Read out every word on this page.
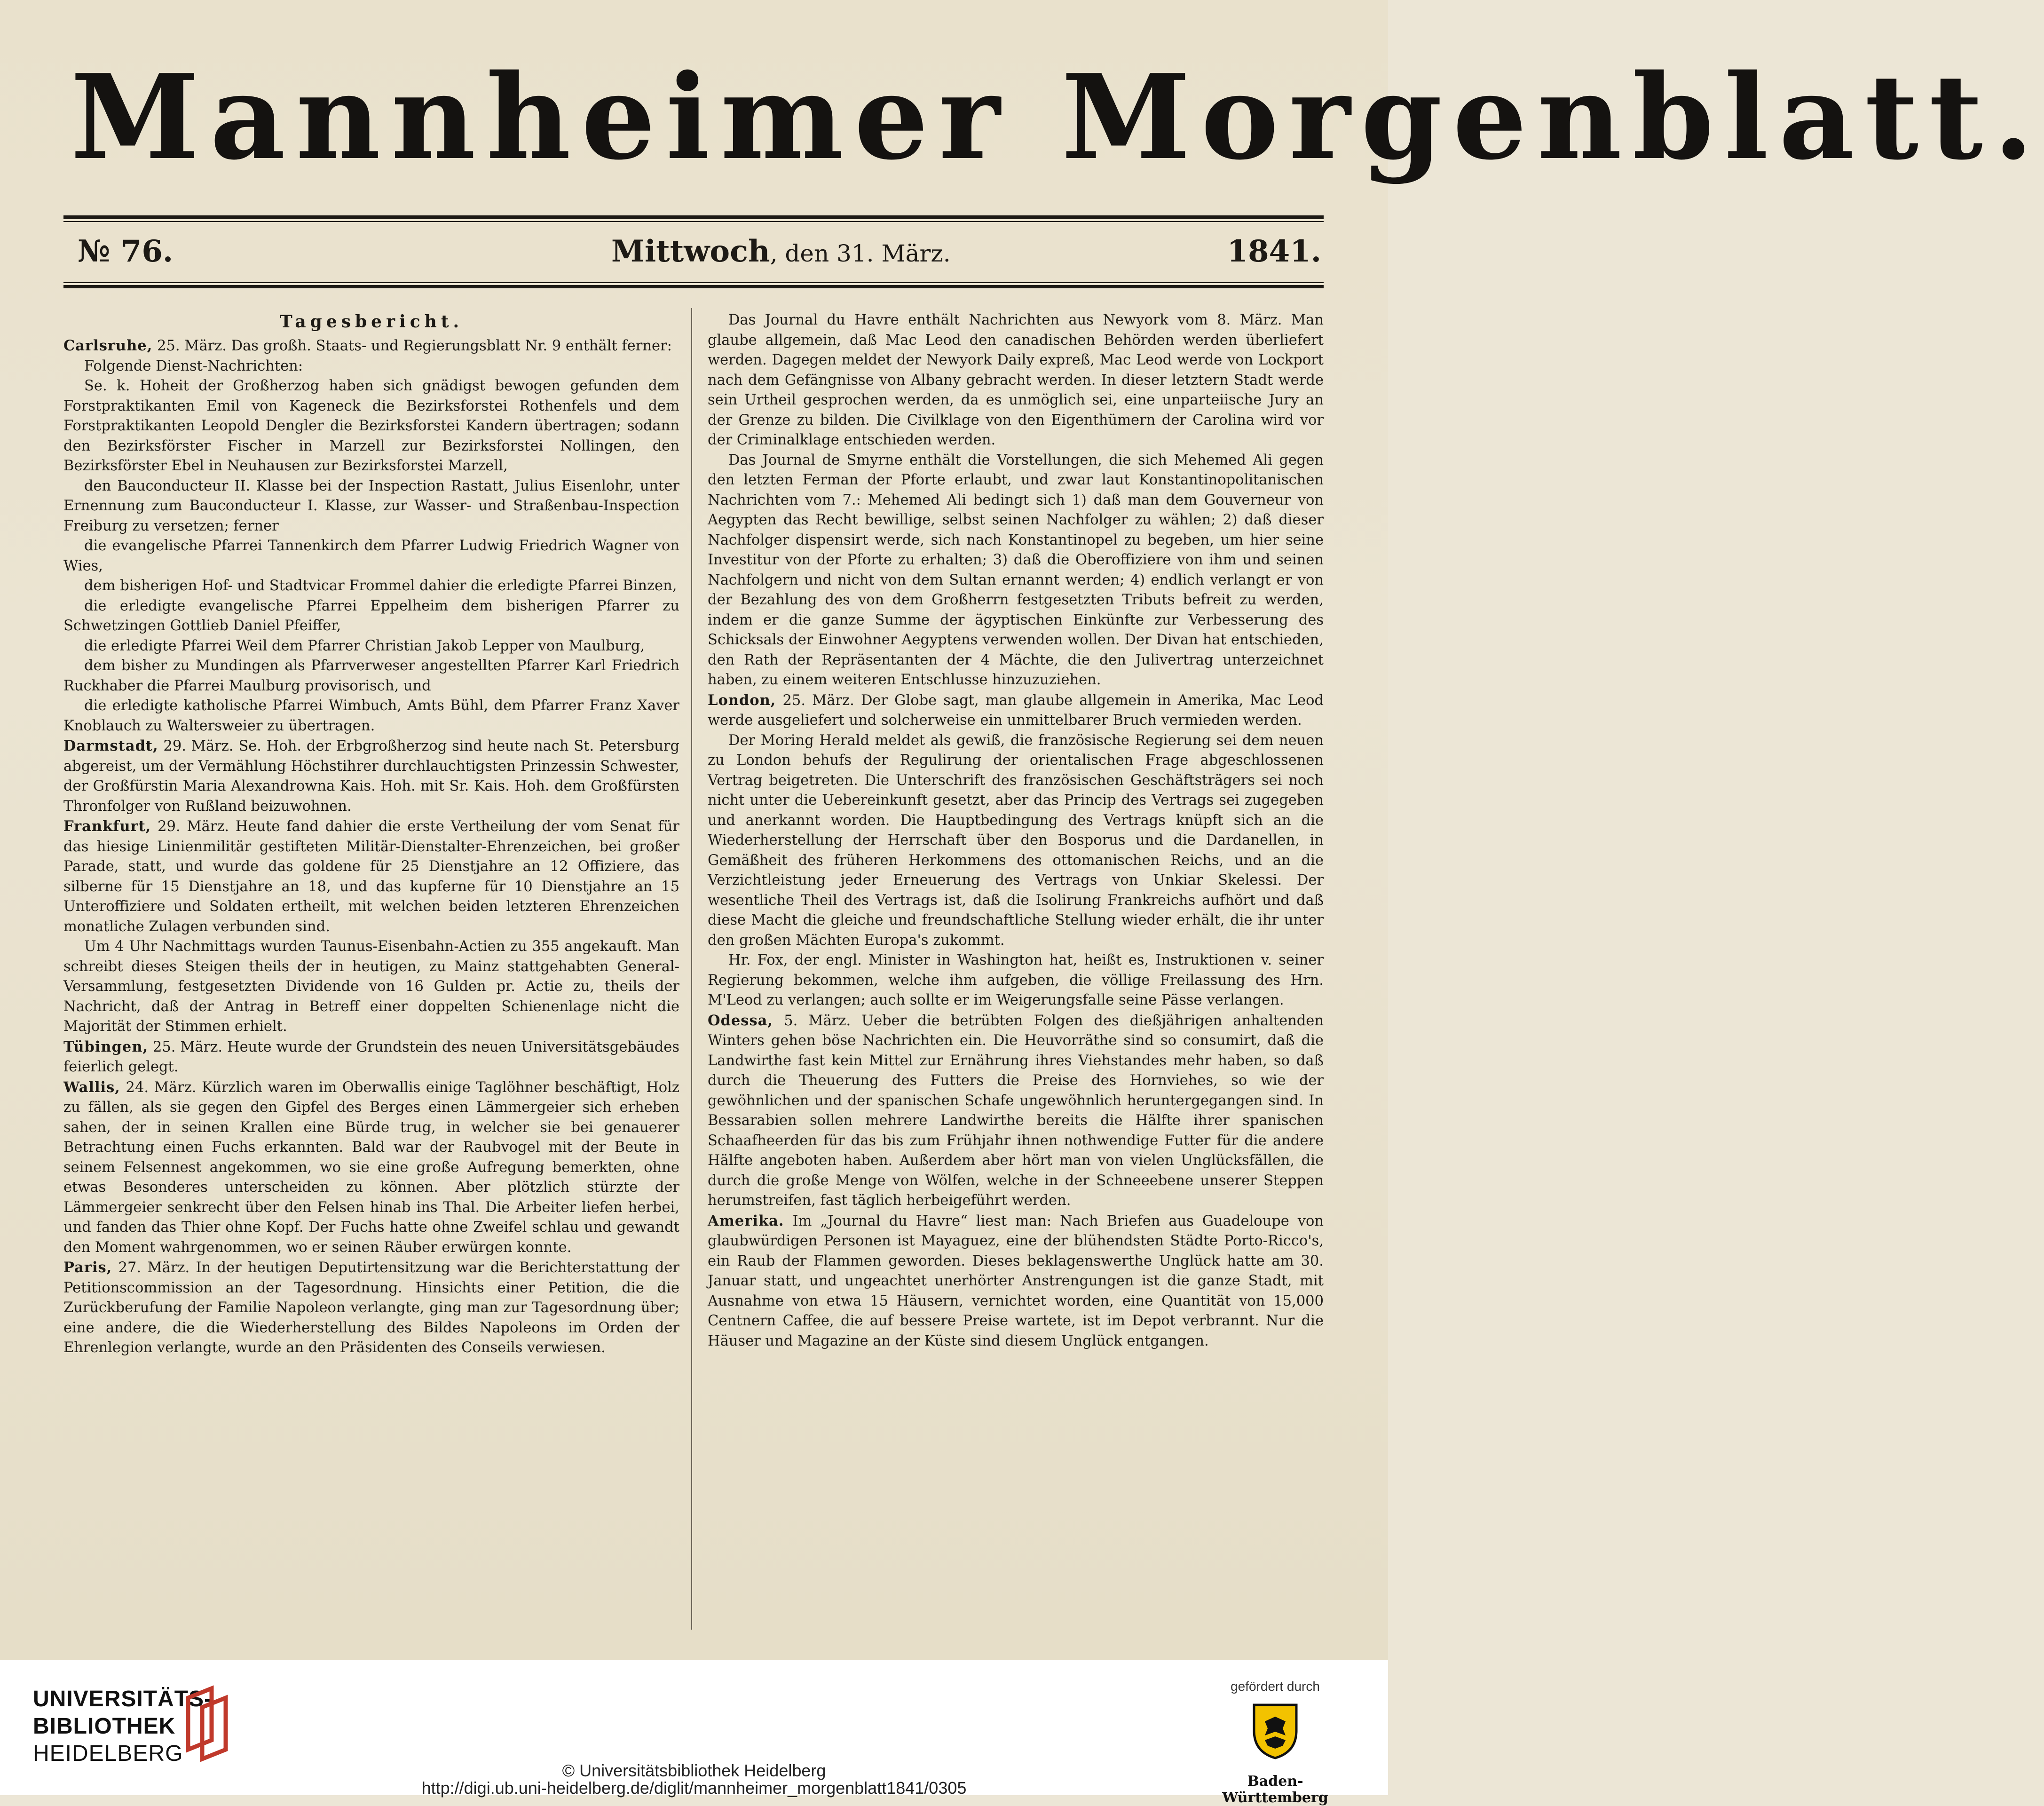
Mannheimer Morgenblatt.
№ 76.	Mittwoch, den 31. März.	1841.
Tagesbericht.

Carlsruhe, 25. März. Das großh. Staats- und Regierungsblatt Nr. 9 enthält ferner:

Folgende Dienst-Nachrichten:

Se. k. Hoheit der Großherzog haben sich gnädigst bewogen gefunden dem Forstpraktikanten Emil von Kageneck die Bezirksforstei Rothenfels und dem Forstpraktikanten Leopold Dengler die Bezirksforstei Kandern übertragen; sodann den Bezirksförster Fischer in Marzell zur Bezirksforstei Nollingen, den Bezirksförster Ebel in Neuhausen zur Bezirksforstei Marzell,

den Bauconducteur II. Klasse bei der Inspection Rastatt, Julius Eisenlohr, unter Ernennung zum Bauconducteur I. Klasse, zur Wasser- und Straßenbau-Inspection Freiburg zu versetzen; ferner

die evangelische Pfarrei Tannenkirch dem Pfarrer Ludwig Friedrich Wagner von Wies,

dem bisherigen Hof- und Stadtvicar Frommel dahier die erledigte Pfarrei Binzen,

die erledigte evangelische Pfarrei Eppelheim dem bisherigen Pfarrer zu Schwetzingen Gottlieb Daniel Pfeiffer,

die erledigte Pfarrei Weil dem Pfarrer Christian Jakob Lepper von Maulburg,

dem bisher zu Mundingen als Pfarrverweser angestellten Pfarrer Karl Friedrich Ruckhaber die Pfarrei Maulburg provisorisch, und

die erledigte katholische Pfarrei Wimbuch, Amts Bühl, dem Pfarrer Franz Xaver Knoblauch zu Waltersweier zu übertragen.

Darmstadt, 29. März. Se. Hoh. der Erbgroßherzog sind heute nach St. Petersburg abgereist, um der Vermählung Höchstihrer durchlauchtigsten Prinzessin Schwester, der Großfürstin Maria Alexandrowna Kais. Hoh. mit Sr. Kais. Hoh. dem Großfürsten Thronfolger von Rußland beizuwohnen.

Frankfurt, 29. März. Heute fand dahier die erste Vertheilung der vom Senat für das hiesige Linienmilitär gestifteten Militär-Dienstalter-Ehrenzeichen, bei großer Parade, statt, und wurde das goldene für 25 Dienstjahre an 12 Offiziere, das silberne für 15 Dienstjahre an 18, und das kupferne für 10 Dienstjahre an 15 Unteroffiziere und Soldaten ertheilt, mit welchen beiden letzteren Ehrenzeichen monatliche Zulagen verbunden sind.

Um 4 Uhr Nachmittags wurden Taunus-Eisenbahn-Actien zu 355 angekauft. Man schreibt dieses Steigen theils der in heutigen, zu Mainz stattgehabten General-Versammlung, festgesetzten Dividende von 16 Gulden pr. Actie zu, theils der Nachricht, daß der Antrag in Betreff einer doppelten Schienenlage nicht die Majorität der Stimmen erhielt.

Tübingen, 25. März. Heute wurde der Grundstein des neuen Universitätsgebäudes feierlich gelegt.

Wallis, 24. März. Kürzlich waren im Oberwallis einige Taglöhner beschäftigt, Holz zu fällen, als sie gegen den Gipfel des Berges einen Lämmergeier sich erheben sahen, der in seinen Krallen eine Bürde trug, in welcher sie bei genauerer Betrachtung einen Fuchs erkannten. Bald war der Raubvogel mit der Beute in seinem Felsennest angekommen, wo sie eine große Aufregung bemerkten, ohne etwas Besonderes unterscheiden zu können. Aber plötzlich stürzte der Lämmergeier senkrecht über den Felsen hinab ins Thal. Die Arbeiter liefen herbei, und fanden das Thier ohne Kopf. Der Fuchs hatte ohne Zweifel schlau und gewandt den Moment wahrgenommen, wo er seinen Räuber erwürgen konnte.

Paris, 27. März. In der heutigen Deputirtensitzung war die Berichterstattung der Petitionscommission an der Tagesordnung. Hinsichts einer Petition, die die Zurückberufung der Familie Napoleon verlangte, ging man zur Tagesordnung über; eine andere, die die Wiederherstellung des Bildes Napoleons im Orden der Ehrenlegion verlangte, wurde an den Präsidenten des Conseils verwiesen.

Das Journal du Havre enthält Nachrichten aus Newyork vom 8. März. Man glaube allgemein, daß Mac Leod den canadischen Behörden werden überliefert werden. Dagegen meldet der Newyork Daily expreß, Mac Leod werde von Lockport nach dem Gefängnisse von Albany gebracht werden. In dieser letztern Stadt werde sein Urtheil gesprochen werden, da es unmöglich sei, eine unparteiische Jury an der Grenze zu bilden. Die Civilklage von den Eigenthümern der Carolina wird vor der Criminalklage entschieden werden.

Das Journal de Smyrne enthält die Vorstellungen, die sich Mehemed Ali gegen den letzten Ferman der Pforte erlaubt, und zwar laut Konstantinopolitanischen Nachrichten vom 7.: Mehemed Ali bedingt sich 1) daß man dem Gouverneur von Aegypten das Recht bewillige, selbst seinen Nachfolger zu wählen; 2) daß dieser Nachfolger dispensirt werde, sich nach Konstantinopel zu begeben, um hier seine Investitur von der Pforte zu erhalten; 3) daß die Oberoffiziere von ihm und seinen Nachfolgern und nicht von dem Sultan ernannt werden; 4) endlich verlangt er von der Bezahlung des von dem Großherrn festgesetzten Tributs befreit zu werden, indem er die ganze Summe der ägyptischen Einkünfte zur Verbesserung des Schicksals der Einwohner Aegyptens verwenden wollen. Der Divan hat entschieden, den Rath der Repräsentanten der 4 Mächte, die den Julivertrag unterzeichnet haben, zu einem weiteren Entschlusse hinzuzuziehen.

London, 25. März. Der Globe sagt, man glaube allgemein in Amerika, Mac Leod werde ausgeliefert und solcherweise ein unmittelbarer Bruch vermieden werden.

Der Moring Herald meldet als gewiß, die französische Regierung sei dem neuen zu London behufs der Regulirung der orientalischen Frage abgeschlossenen Vertrag beigetreten. Die Unterschrift des französischen Geschäftsträgers sei noch nicht unter die Uebereinkunft gesetzt, aber das Princip des Vertrags sei zugegeben und anerkannt worden. Die Hauptbedingung des Vertrags knüpft sich an die Wiederherstellung der Herrschaft über den Bosporus und die Dardanellen, in Gemäßheit des früheren Herkommens des ottomanischen Reichs, und an die Verzichtleistung jeder Erneuerung des Vertrags von Unkiar Skelessi. Der wesentliche Theil des Vertrags ist, daß die Isolirung Frankreichs aufhört und daß diese Macht die gleiche und freundschaftliche Stellung wieder erhält, die ihr unter den großen Mächten Europa's zukommt.

Hr. Fox, der engl. Minister in Washington hat, heißt es, Instruktionen v. seiner Regierung bekommen, welche ihm aufgeben, die völlige Freilassung des Hrn. M'Leod zu verlangen; auch sollte er im Weigerungsfalle seine Pässe verlangen.

Odessa, 5. März. Ueber die betrübten Folgen des dießjährigen anhaltenden Winters gehen böse Nachrichten ein. Die Heuvorräthe sind so consumirt, daß die Landwirthe fast kein Mittel zur Ernährung ihres Viehstandes mehr haben, so daß durch die Theuerung des Futters die Preise des Hornviehes, so wie der gewöhnlichen und der spanischen Schafe ungewöhnlich heruntergegangen sind. In Bessarabien sollen mehrere Landwirthe bereits die Hälfte ihrer spanischen Schaafheerden für das bis zum Frühjahr ihnen nothwendige Futter für die andere Hälfte angeboten haben. Außerdem aber hört man von vielen Unglücksfällen, die durch die große Menge von Wölfen, welche in der Schneeebene unserer Steppen herumstreifen, fast täglich herbeigeführt werden.

Amerika. Im „Journal du Havre“ liest man: Nach Briefen aus Guadeloupe von glaubwürdigen Personen ist Mayaguez, eine der blühendsten Städte Porto-Ricco's, ein Raub der Flammen geworden. Dieses beklagenswerthe Unglück hatte am 30. Januar statt, und ungeachtet unerhörter Anstrengungen ist die ganze Stadt, mit Ausnahme von etwa 15 Häusern, vernichtet worden, eine Quantität von 15,000 Centnern Caffee, die auf bessere Preise wartete, ist im Depot verbrannt. Nur die Häuser und Magazine an der Küste sind diesem Unglück entgangen.

UNIVERSITÄTS-
BIBLIOTHEK
HEIDELBERG
© Universitätsbibliothek Heidelberg
http://digi.ub.uni-heidelberg.de/diglit/mannheimer_morgenblatt1841/0305
gefördert durch
Baden-Württemberg
